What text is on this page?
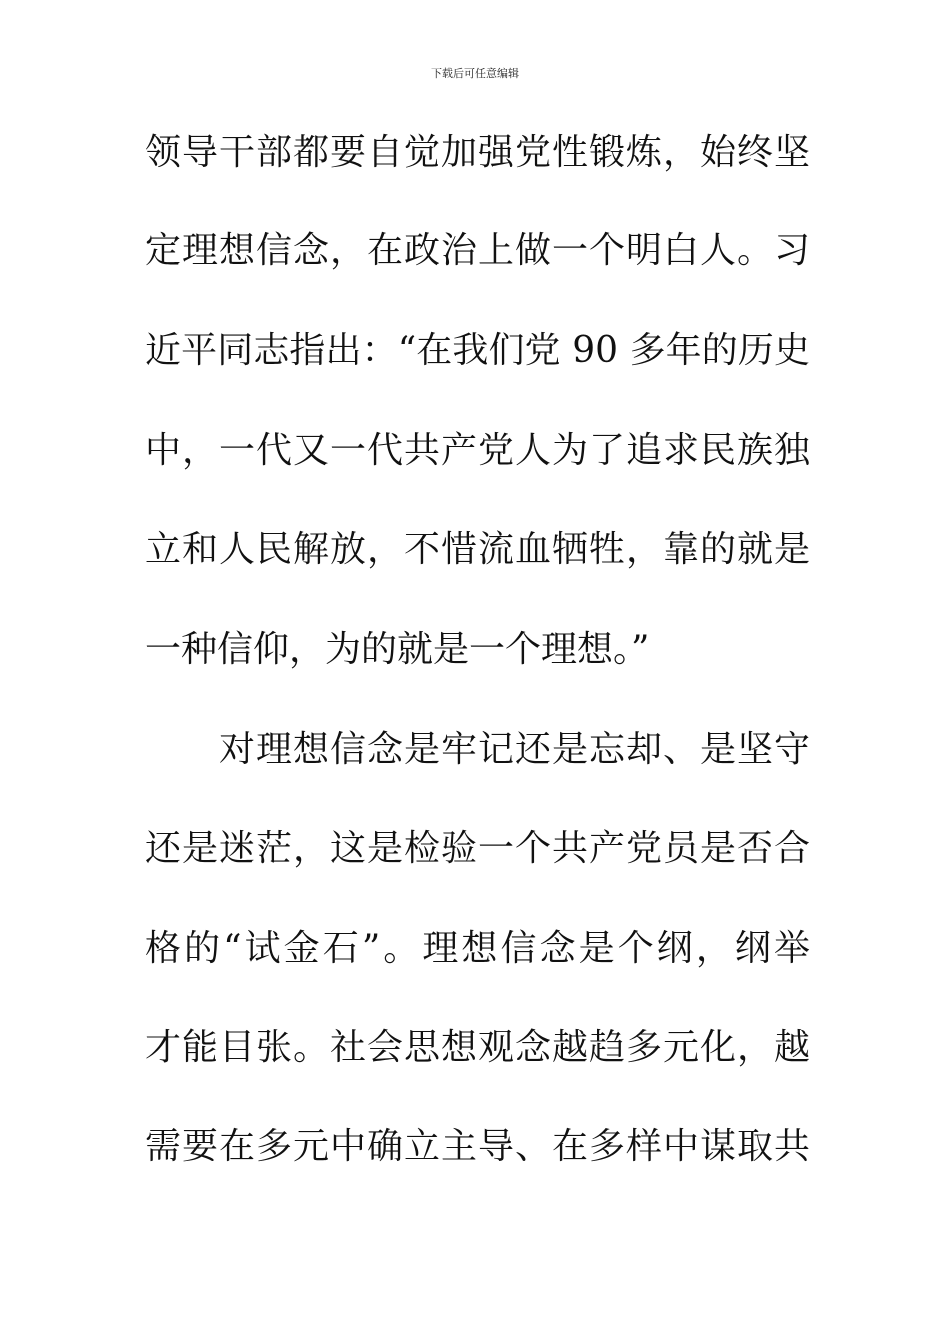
下载后可任意编辑
领导干部都要自觉加强党性锻炼，始终坚
定理想信念，在政治上做一个明白人。习
近平同志指出：“在我们党 90 多年的历史
中，一代又一代共产党人为了追求民族独
立和人民解放，不惜流血牺牲，靠的就是
一种信仰，为的就是一个理想。”
对理想信念是牢记还是忘却、是坚守
还是迷茫，这是检验一个共产党员是否合
格的“试金石”。理想信念是个纲，纲举
才能目张。社会思想观念越趋多元化，越
需要在多元中确立主导、在多样中谋取共
